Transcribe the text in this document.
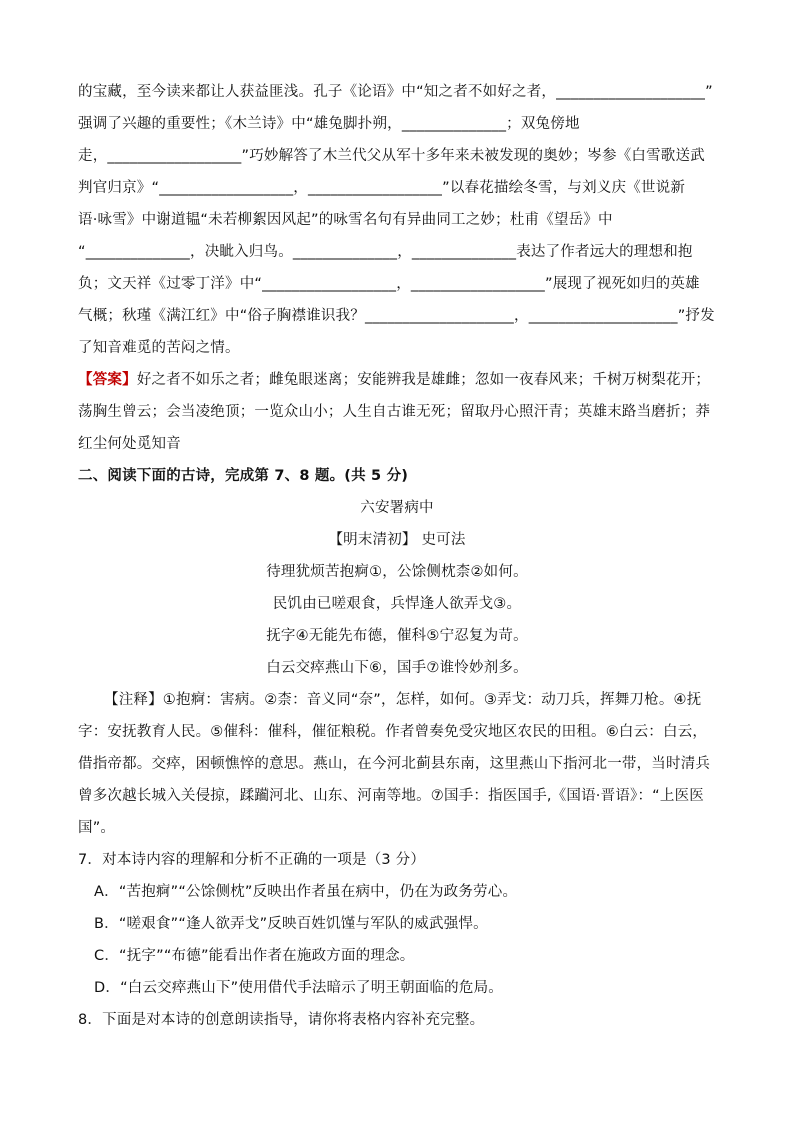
的宝藏，至今读来都让人获益匪浅。孔子《论语》中“知之者不如好之者，____________________”
强调了兴趣的重要性；《木兰诗》中“雄兔脚扑朔，______________；双兔傍地
走，__________________”巧妙解答了木兰代父从军十多年来未被发现的奥妙；岑参《白雪歌送武
判官归京》“__________________，__________________”以春花描绘冬雪，与刘义庆《世说新
语·咏雪》中谢道韫“未若柳絮因风起”的咏雪名句有异曲同工之妙；杜甫《望岳》中
“______________，决眦入归鸟。______________，______________表达了作者远大的理想和抱
负；文天祥《过零丁洋》中“__________________，__________________”展现了视死如归的英雄
气概；秋瑾《满江红》中“俗子胸襟谁识我？____________________，____________________”抒发
了知音难觅的苦闷之情。
【答案】好之者不如乐之者；雌兔眼迷离；安能辨我是雄雌；忽如一夜春风来；千树万树梨花开；
荡胸生曾云；会当凌绝顶；一览众山小；人生自古谁无死；留取丹心照汗青；英雄末路当磨折；莽
红尘何处觅知音
二、阅读下面的古诗，完成第 7、8 题。(共 5 分)
六安署病中
【明末清初】 史可法
待理犹烦苦抱痾①，公馀侧枕柰②如何。
民饥由已嗟艰食，兵悍逢人欲弄戈③。
抚字④无能先布德，催科⑤宁忍复为苛。
白云交瘁燕山下⑥，国手⑦谁怜妙剂多。
【注释】①抱痾：害病。②柰：音义同“奈”，怎样，如何。③弄戈：动刀兵，挥舞刀枪。④抚
字：安抚教育人民。⑤催科：催科，催征粮税。作者曾奏免受灾地区农民的田租。⑥白云：白云，
借指帝都。交瘁，困顿憔悴的意思。燕山，在今河北蓟县东南，这里燕山下指河北一带，当时清兵
曾多次越长城入关侵掠，蹂躏河北、山东、河南等地。⑦国手：指医国手,《国语·晋语》：“上医医
国”。
7．对本诗内容的理解和分析不正确的一项是（3 分）
A．“苦抱痾”“公馀侧枕”反映出作者虽在病中，仍在为政务劳心。
B．“嗟艰食”“逢人欲弄戈”反映百姓饥馑与军队的威武强悍。
C．“抚字”“布德”能看出作者在施政方面的理念。
D．“白云交瘁燕山下”使用借代手法暗示了明王朝面临的危局。
8．下面是对本诗的创意朗读指导，请你将表格内容补充完整。
